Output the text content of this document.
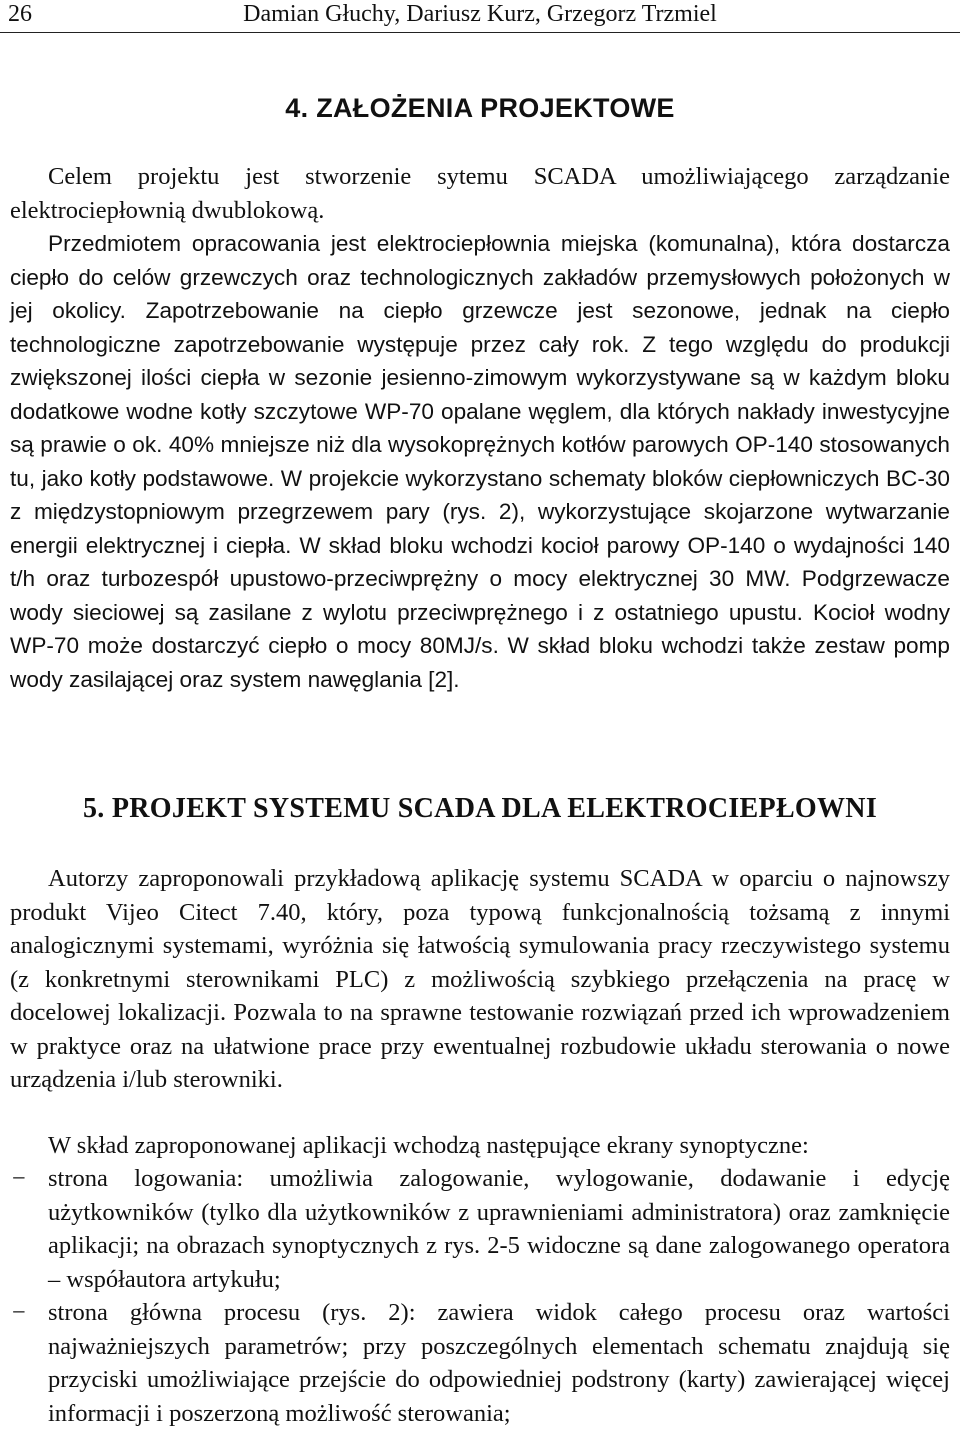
26	Damian Głuchy, Dariusz Kurz, Grzegorz Trzmiel
4. ZAŁOŻENIA PROJEKTOWE

Celem projektu jest stworzenie sytemu SCADA umożliwiającego zarządzanie elektrociepłownią dwublokową.

Przedmiotem opracowania jest elektrociepłownia miejska (komunalna), która dostarcza ciepło do celów grzewczych oraz technologicznych zakładów przemysłowych położonych w jej okolicy. Zapotrzebowanie na ciepło grzewcze jest sezonowe, jednak na ciepło technologiczne zapotrzebowanie występuje przez cały rok. Z tego względu do produkcji zwiększonej ilości ciepła w sezonie jesienno-zimowym wykorzystywane są w każdym bloku dodatkowe wodne kotły szczytowe WP-70 opalane węglem, dla których nakłady inwestycyjne są prawie o ok. 40% mniejsze niż dla wysokoprężnych kotłów parowych OP-140 stosowanych tu, jako kotły podstawowe. W projekcie wykorzystano schematy bloków ciepłowniczych BC-30 z międzystopniowym przegrzewem pary (rys. 2), wykorzystujące skojarzone wytwarzanie energii elektrycznej i ciepła. W skład bloku wchodzi kocioł parowy OP-140 o wydajności 140 t/h oraz turbozespół upustowo-przeciwprężny o mocy elektrycznej 30 MW. Podgrzewacze wody sieciowej są zasilane z wylotu przeciwprężnego i z ostatniego upustu. Kocioł wodny WP-70 może dostarczyć ciepło o mocy 80MJ/s. W skład bloku wchodzi także zestaw pomp wody zasilającej oraz system nawęglania [2].

5. PROJEKT SYSTEMU SCADA DLA ELEKTROCIEPŁOWNI

Autorzy zaproponowali przykładową aplikację systemu SCADA w oparciu o najnowszy produkt Vijeo Citect 7.40, który, poza typową funkcjonalnością tożsamą z innymi analogicznymi systemami, wyróżnia się łatwością symulowania pracy rzeczywistego systemu (z konkretnymi sterownikami PLC) z możliwością szybkiego przełączenia na pracę w docelowej lokalizacji. Pozwala to na sprawne testowanie rozwiązań przed ich wprowadzeniem w praktyce oraz na ułatwione prace przy ewentualnej rozbudowie układu sterowania o nowe urządzenia i/lub sterowniki.

W skład zaproponowanej aplikacji wchodzą następujące ekrany synoptyczne:

− strona logowania: umożliwia zalogowanie, wylogowanie, dodawanie i edycję użytkowników (tylko dla użytkowników z uprawnieniami administratora) oraz zamknięcie aplikacji; na obrazach synoptycznych z rys. 2-5 widoczne są dane zalogowanego operatora – współautora artykułu;
− strona główna procesu (rys. 2): zawiera widok całego procesu oraz wartości najważniejszych parametrów; przy poszczególnych elementach schematu znajdują się przyciski umożliwiające przejście do odpowiedniej podstrony (karty) zawierającej więcej informacji i poszerzoną możliwość sterowania;
